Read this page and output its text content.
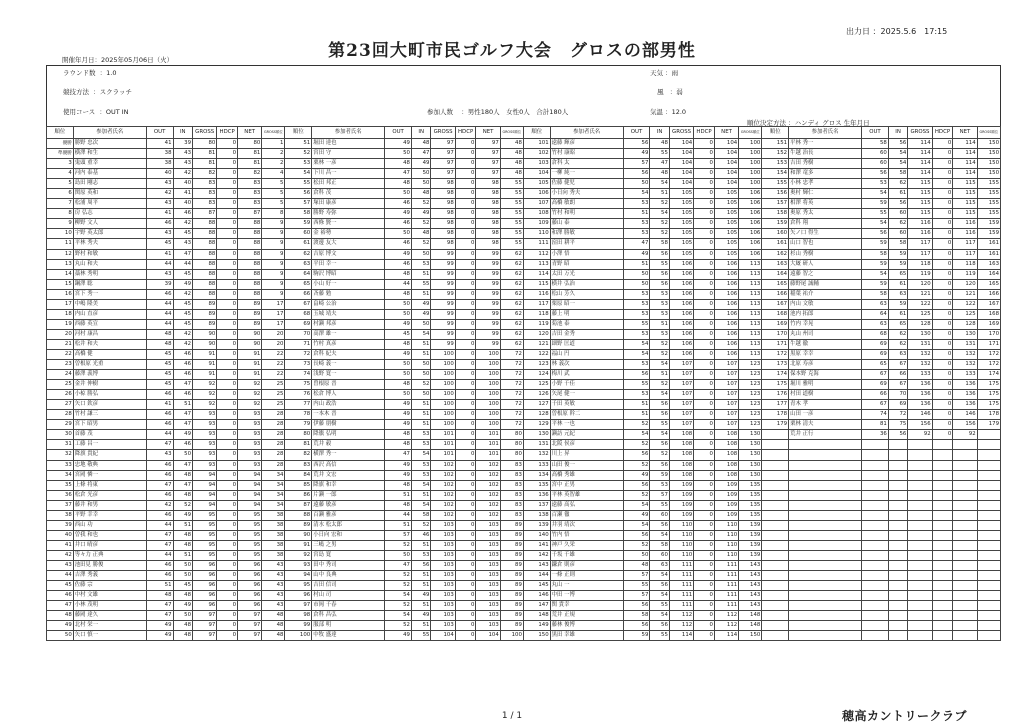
出力日 ：2025.5.6　17:15
第23回大町市民ゴルフ大会　グロスの部男性
開催年月日：2025年05月06日（火）
ラウンド数 ：1.0
競技方法 ：スクラッチ
使用コース ：OUT IN	参加人数 ：男性180人　女性0人　合計180人
天気 ：雨
風 ：弱
気温 ：12.0
順位決定方法 ：ハンディ グロス 生年月日
順位	参加者氏名	OUT	IN	GROSS	HDCP	NET	GROSS順位	順位	参加者氏名	OUT	IN	GROSS	HDCP	NET	GROSS順位	順位	参加者氏名	OUT	IN	GROSS	HDCP	NET	GROSS順位	順位	参加者氏名	OUT	IN	GROSS	HDCP	NET	GROSS順位
優勝	勝野 忠次	41	39	80	0	80	1	51	堀田 達也	49	48	97	0	97	48	101	遠藤 輝彦	56	48	104	0	104	100	151	平林 秀一	58	56	114	0	114	150
準優勝	横澤 和生	38	43	81	0	81	2	52	宮田 守	50	47	97	0	97	48	102	竹村 康昭	49	55	104	0	104	100	152	牛越 治長	60	54	114	0	114	150
3	鬼頭 重幸	38	43	81	0	81	2	53	栗林 一彦	48	49	97	0	97	48	103	倉科 太	57	47	104	0	104	100	153	吉田 秀樹	60	54	114	0	114	150
4	河内 泰基	40	42	82	0	82	4	54	下川 昌一	47	50	97	0	97	48	104	一柳 純一	56	48	104	0	104	100	154	和澤 竜多	56	58	114	0	114	150
5	島田 剛志	43	40	83	0	83	5	55	松田 邦正	48	50	98	0	98	55	105	佐藤 健児	50	54	104	0	104	100	155	小林 忠孝	53	62	115	0	115	155
6	関原 英和	42	41	83	0	83	5	56	倉科 茂	50	48	98	0	98	55	106	小日向 秀夫	54	51	105	0	105	106	156	奥村 輝仁	54	61	115	0	115	155
7	松浦 周平	43	40	83	0	83	5	57	塚田 康彦	46	52	98	0	98	55	107	高橋 敏朗	53	52	105	0	105	106	157	相澤 将英	59	56	115	0	115	155
8	房 弘志	41	46	87	0	87	8	58	勝野 寿弥	49	49	98	0	98	55	108	竹村 和明	51	54	105	0	105	106	158	奥原 秀太	55	60	115	0	115	155
9	柳野 文人	46	42	88	0	88	9	59	西條 賢一	46	52	98	0	98	55	109	藤山 泰	53	52	105	0	105	106	159	倉科 翔	54	62	116	0	116	159
10	宇野 英太郎	43	45	88	0	88	9	60	金 裕勢	50	48	98	0	98	55	110	和澤 勝敏	53	52	105	0	105	106	160	矢ノ口 得生	56	60	116	0	116	159
11	平林 秀夫	45	43	88	0	88	9	61	渡邊 友大	46	52	98	0	98	55	111	窪田 耕平	47	58	105	0	105	106	161	山口 智也	59	58	117	0	117	161
12	野村 和敏	41	47	88	0	88	9	62	吉原 博文	49	50	99	0	99	62	112	小澤 悟	49	56	105	0	105	106	162	杉山 秀樹	58	59	117	0	117	161
13	丸山 和夫	44	44	88	0	88	9	63	平田 幸一	46	53	99	0	99	62	113	青野 昭	51	55	106	0	106	113	163	大厩 研人	59	59	118	0	118	163
14	藁林 秀明	43	45	88	0	88	9	64	駒沢 博昭	48	51	99	0	99	62	114	太田 万光	50	56	106	0	106	113	164	遠藤 智之	54	65	119	0	119	164
15	鋼澤 聡	39	49	88	0	88	9	65	小山 好一	44	55	99	0	99	62	115	横井 弘治	50	56	106	0	106	113	165	藤野尾 誠輔	59	61	120	0	120	165
16	宮下 秀一	46	42	88	0	88	9	66	斉藤 勉	48	51	99	0	99	62	116	松山 芳久	53	53	106	0	106	113	166	稲葉 祐介	58	63	121	0	121	166
17	中嶋 隆美	44	45	89	0	89	17	67	畠崎 公治	50	49	99	0	99	62	117	栗原 昭一	53	53	106	0	106	113	167	内山 文敏	63	59	122	0	122	167
18	内山 直彦	44	45	89	0	89	17	68	玉城 靖夫	50	49	99	0	99	62	118	藤上 明	53	53	106	0	106	113	168	池内 拓郎	64	61	125	0	125	168
19	西藤 英宣	44	45	89	0	89	17	69	村瀬 邦彦	49	50	99	0	99	62	119	菊池 泰	55	51	106	0	106	113	169	竹内 幸晃	63	65	128	0	128	169
20	河村 康昌	48	42	90	0	90	20	70	高澤 雄一	45	54	99	0	99	62	120	吉田 金秀	53	53	106	0	106	113	170	丸山 州司	68	62	130	0	130	170
21	松井 和夫	48	42	90	0	90	20	71	竹村 真彦	48	51	99	0	99	62	121	細野 匡道	54	52	106	0	106	113	171	牛越 徹	69	62	131	0	131	171
22	高橋 健	45	46	91	0	91	22	72	倉科 紀夫	49	51	100	0	100	72	122	福山 円	54	52	106	0	106	113	172	黒原 幸幸	69	63	132	0	132	172
23	曽根原 光重	45	46	91	0	91	22	73	長崎 義一	50	50	100	0	100	72	123	林 義次	53	54	107	0	107	123	173	北原 寿彦	65	67	132	0	132	172
24	藤澤 義博	45	46	91	0	91	22	74	浅野 寛一	50	50	100	0	100	72	124	梅川 武	56	51	107	0	107	123	174	保本野 克海	67	66	133	0	133	174
25	金井 伸樹	45	47	92	0	92	25	75	曽根原 晋	48	52	100	0	100	72	125	小野 千佳	55	52	107	0	107	123	175	堀川 雅明	69	67	136	0	136	175
26	小椋 勝弘	46	46	92	0	92	25	76	松倉 博人	50	50	100	0	100	72	126	矢尾 健一	53	54	107	0	107	123	176	村田 道樹	66	70	136	0	136	175
27	矢口 欽彦	41	51	92	0	92	25	77	内山 政浩	49	51	100	0	100	72	127	千田 英敏	51	56	107	0	107	123	177	青木 孝	67	69	136	0	136	175
28	竹村 謙三	46	47	93	0	93	28	78	一本木 晋	49	51	100	0	100	72	128	曽根原 幹二	51	56	107	0	107	123	178	山田 一彦	74	72	146	0	146	178
29	宮下 昭男	46	47	93	0	93	28	79	伊藤 朋樹	49	51	100	0	100	72	129	平林 一也	52	55	107	0	107	123	179	栗林 清夫	81	75	156	0	156	179
30	首藤 茂	44	49	93	0	93	28	80	降籏 弘明	48	53	101	0	101	80	130	瀬訪 元紀	54	54	108	0	108	130		荒井 正行	36	56	92	0	92	
31	工藤 昌一	47	46	93	0	93	28	81	荒井 毅	48	53	101	0	101	80	131	北阪 侯彦	52	56	108	0	108	130								
32	降旗 貴紀	43	50	93	0	93	28	82	横澤 秀一	47	54	101	0	101	80	132	川上 昇	56	52	108	0	108	130								
33	忠地 敬典	46	47	93	0	93	28	83	西沢 高信	49	53	102	0	102	83	133	山田 俊一	52	56	108	0	108	130								
34	宮岡 憐一	46	48	94	0	94	34	84	荒井 文宏	49	53	102	0	102	83	134	高橋 秀雄	49	59	108	0	108	130								
35	上條 将東	47	47	94	0	94	34	85	降旗 和幸	48	54	102	0	102	83	135	宮中 正男	56	53	109	0	109	135								
36	松倉 光彦	46	48	94	0	94	34	86	片瀬 一郎	51	51	102	0	102	83	136	平林 英智雄	52	57	109	0	109	135								
37	藤井 和男	42	52	94	0	94	34	87	遠藤 敏彦	48	54	102	0	102	83	137	遠藤 高弘	54	55	109	0	109	135								
38	平野 幸幸	46	49	95	0	95	38	88	百瀬 雅彦	44	58	102	0	102	83	138	百瀬 徹	49	60	109	0	109	135								
39	西山 功	44	51	95	0	95	38	89	清水 松太郎	51	52	103	0	103	89	139	井羽 靖次	54	56	110	0	110	139								
40	曽我 和也	47	48	95	0	95	38	90	小日向 宏和	57	46	103	0	103	89	140	竹内 悟	56	54	110	0	110	139								
41	井口 晴彦	47	48	95	0	95	38	91	三嶋 之男	52	51	103	0	103	89	141	神戸 久栄	52	58	110	0	110	139								
42	等々力 正典	44	51	95	0	95	38	92	宮島 寛	50	53	103	0	103	89	142	千坂 千雄	50	60	110	0	110	139								
43	池田見 勝俊	46	50	96	0	96	43	93	田中 秀司	47	56	103	0	103	89	143	鎌倉 則彦	48	63	111	0	111	143								
44	吉澤 秀義	46	50	96	0	96	43	94	山中 良典	52	51	103	0	103	89	144	一條 正則	57	54	111	0	111	143								
45	佐藤 宗	51	45	96	0	96	43	95	吉田 信司	52	51	103	0	103	89	145	丸山 一	55	56	111	0	111	143								
46	中村 文雄	48	48	96	0	96	43	96	村山 司	54	49	103	0	103	89	146	中田 一博	57	54	111	0	111	143								
47	小林 茂明	47	49	96	0	96	43	97	市岡 千春	52	51	103	0	103	89	147	関 貴幸	56	55	111	0	111	143								
48	藤岡 達久	47	50	97	0	97	48	98	倉科 昌弘	54	49	103	0	103	89	148	荒井 正規	58	54	112	0	112	148								
49	北村 栄一	49	48	97	0	97	48	99	服部 明	52	51	103	0	103	89	149	藤林 俊博	56	56	112	0	112	148								
50	矢口 慎一	49	48	97	0	97	48	100	中牧 盛達	49	55	104	0	104	100	150	黒田 幸雄	59	55	114	0	114	150								
1 / 1	穂高カントリークラブ
